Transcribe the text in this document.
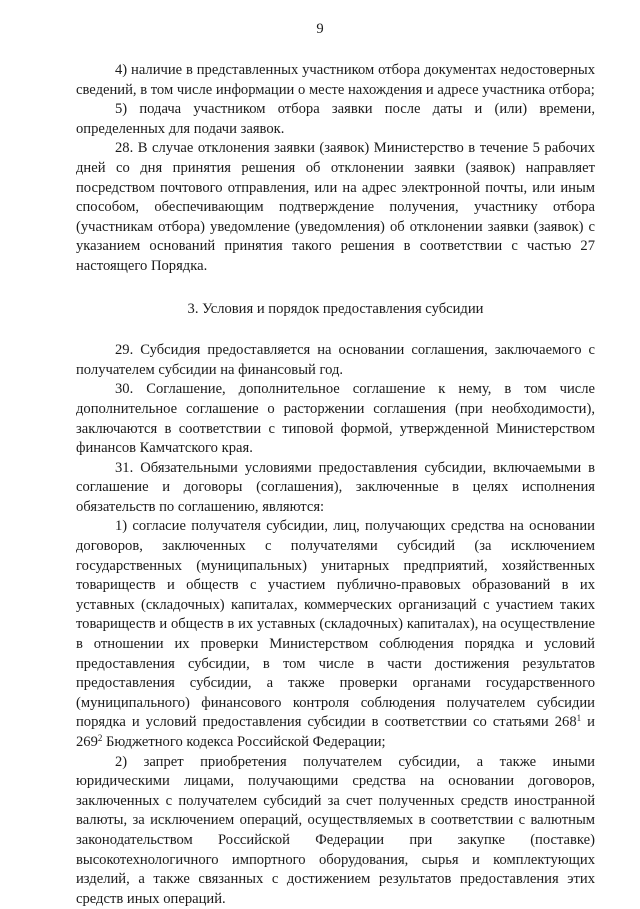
9

4) наличие в представленных участником отбора документах недостоверных сведений, в том числе информации о месте нахождения и адресе участника отбора;

5) подача участником отбора заявки после даты и (или) времени, определенных для подачи заявок.

28. В случае отклонения заявки (заявок) Министерство в течение 5 рабочих дней со дня принятия решения об отклонении заявки (заявок) направляет посредством почтового отправления, или на адрес электронной почты, или иным способом, обеспечивающим подтверждение получения, участнику отбора (участникам отбора) уведомление (уведомления) об отклонении заявки (заявок) с указанием оснований принятия такого решения в соответствии с частью 27 настоящего Порядка.

3. Условия и порядок предоставления субсидии

29. Субсидия предоставляется на основании соглашения, заключаемого с получателем субсидии на финансовый год.

30. Соглашение, дополнительное соглашение к нему, в том числе дополнительное соглашение о расторжении соглашения (при необходимости), заключаются в соответствии с типовой формой, утвержденной Министерством финансов Камчатского края.

31. Обязательными условиями предоставления субсидии, включаемыми в соглашение и договоры (соглашения), заключенные в целях исполнения обязательств по соглашению, являются:

1) согласие получателя субсидии, лиц, получающих средства на основании договоров, заключенных с получателями субсидий (за исключением государственных (муниципальных) унитарных предприятий, хозяйственных товариществ и обществ с участием публично-правовых образований в их уставных (складочных) капиталах, коммерческих организаций с участием таких товариществ и обществ в их уставных (складочных) капиталах), на осуществление в отношении их проверки Министерством соблюдения порядка и условий предоставления субсидии, в том числе в части достижения результатов предоставления субсидии, а также проверки органами государственного (муниципального) финансового контроля соблюдения получателем субсидии порядка и условий предоставления субсидии в соответствии со статьями $268^1$ и $269^2$ Бюджетного кодекса Российской Федерации;

2) запрет приобретения получателем субсидии, а также иными юридическими лицами, получающими средства на основании договоров, заключенных с получателем субсидий за счет полученных средств иностранной валюты, за исключением операций, осуществляемых в соответствии с валютным законодательством Российской Федерации при закупке (поставке) высокотехнологичного импортного оборудования, сырья и комплектующих изделий, а также связанных с достижением результатов предоставления этих средств иных операций.
